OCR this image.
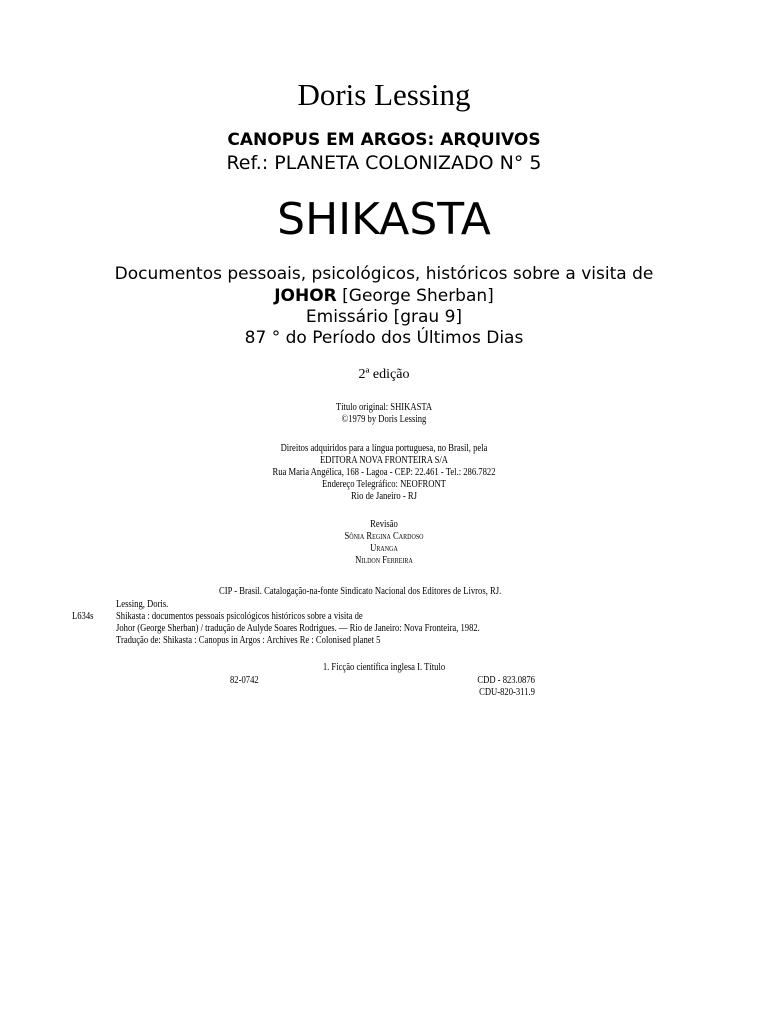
Doris Lessing
CANOPUS EM ARGOS: ARQUIVOS
Ref.: PLANETA COLONIZADO N° 5
SHIKASTA
Documentos pessoais, psicológicos, históricos sobre a visita de
JOHOR [George Sherban]
Emissário [grau 9]
87 ° do Período dos Últimos Dias
2ª edição
Título original: SHIKASTA
©1979 by Doris Lessing
Direitos adquiridos para a língua portuguesa, no Brasil, pela
EDITORA NOVA FRONTEIRA S/A
Rua Maria Angélica, 168 - Lagoa - CEP: 22.461 - Tel.: 286.7822
Endereço Telegráfico: NEOFRONT
Rio de Janeiro - RJ
Revisão
Sônia Regina Cardoso
Uranga
Nildon Ferreira
CIP - Brasil. Catalogação-na-fonte Sindicato Nacional dos Editores de Livros, RJ.
Lessing, Doris.
L634s Shikasta : documentos pessoais psicológicos históricos sobre a visita de
Johor (George Sherban) / tradução de Aulyde Soares Rodrigues. — Rio de Janeiro: Nova Fronteira, 1982.
Tradução de: Shikasta : Canopus in Argos : Archives Re : Colonised planet 5
1. Ficção científica inglesa I. Título
82-0742	CDD - 823.0876
CDU-820-311.9
